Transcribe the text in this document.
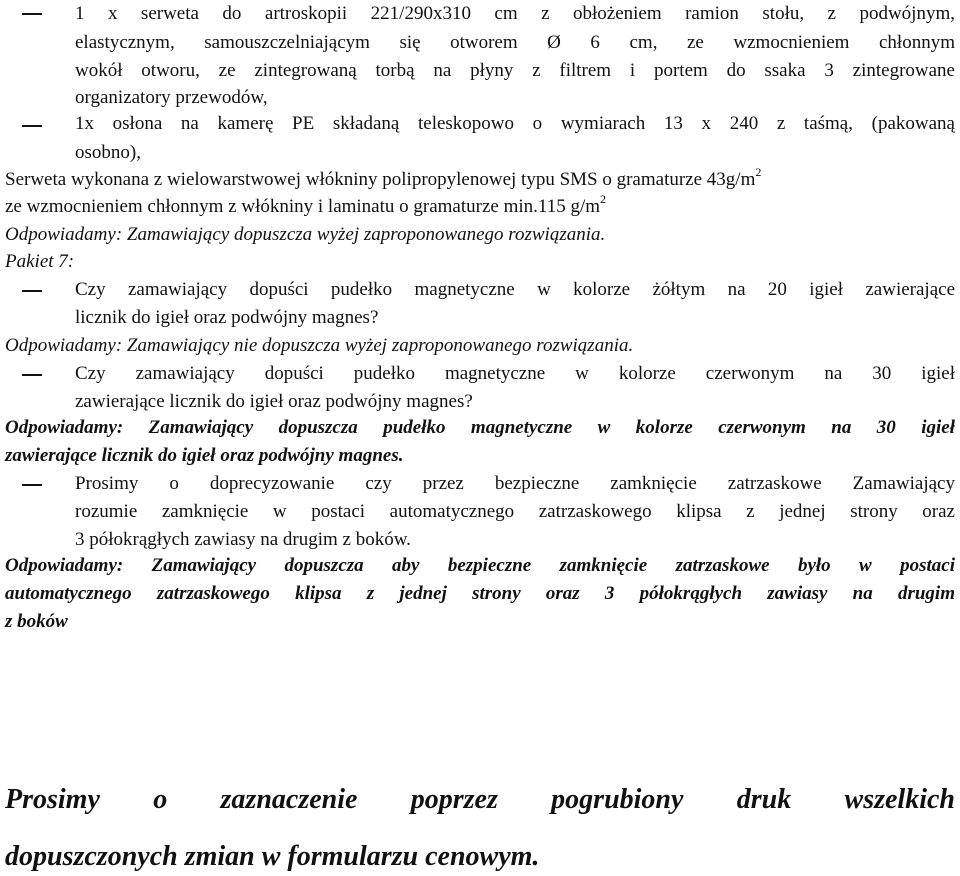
1 x serweta do artroskopii 221/290x310 cm z obłożeniem ramion stołu, z podwójnym,
elastycznym, samouszczelniającym się otworem Ø 6 cm, ze wzmocnieniem chłonnym
wokół otworu, ze zintegrowaną torbą na płyny z filtrem i portem do ssaka 3 zintegrowane
organizatory przewodów,
1x osłona na kamerę PE składaną teleskopowo o wymiarach 13 x 240 z taśmą, (pakowaną
osobno),
Serweta wykonana z wielowarstwowej włókniny polipropylenowej typu SMS o gramaturze $43g/m^2$
ze wzmocnieniem chłonnym z włókniny i laminatu o gramaturze min.115 $g/m^2$
Odpowiadamy: Zamawiający dopuszcza wyżej zaproponowanego rozwiązania.
Pakiet 7:
Czy zamawiający dopuści pudełko magnetyczne w kolorze żółtym na 20 igieł zawierające
licznik do igieł oraz podwójny magnes?
Odpowiadamy: Zamawiający nie dopuszcza wyżej zaproponowanego rozwiązania.
Czy zamawiający dopuści pudełko magnetyczne w kolorze czerwonym na 30 igieł
zawierające licznik do igieł oraz podwójny magnes?
Odpowiadamy: Zamawiający dopuszcza pudełko magnetyczne w kolorze czerwonym na 30 igieł
zawierające licznik do igieł oraz podwójny magnes.
Prosimy o doprecyzowanie czy przez bezpieczne zamknięcie zatrzaskowe Zamawiający
rozumie zamknięcie w postaci automatycznego zatrzaskowego klipsa z jednej strony oraz
3 półokrągłych zawiasy na drugim z boków.
Odpowiadamy: Zamawiający dopuszcza aby bezpieczne zamknięcie zatrzaskowe było w postaci
automatycznego zatrzaskowego klipsa z jednej strony oraz 3 półokrągłych zawiasy na drugim
z boków
Prosimy o zaznaczenie poprzez pogrubiony druk wszelkich
dopuszczonych zmian w formularzu cenowym.
